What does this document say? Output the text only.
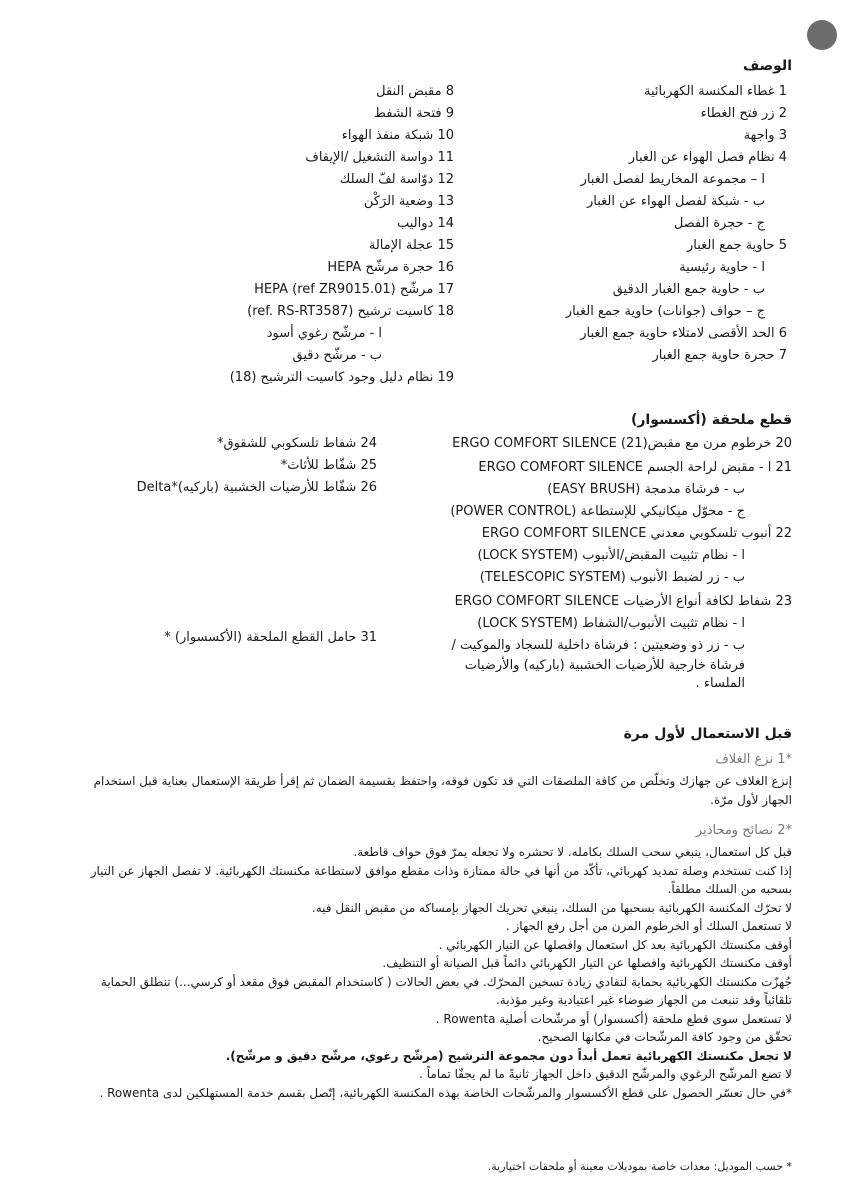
الوصف
1 غطاء المكنسة الكهربائية
2 زر فتح الغطاء
3 واجهة
4 نظام فصل الهواء عن الغبار
ا – مجموعة المخاريط لفصل الغبار
ب - شبكة لفصل الهواء عن الغبار
ج - حجرة الفصل
5 حاوية جمع الغبار
ا - حاوية رئيسية
ب - حاوية جمع الغبار الدقيق
ج – حواف (جوانات) حاوية جمع الغبار
6 الحد الأقصى لامتلاء حاوية جمع الغبار
7 حجرة حاوية جمع الغبار
8 مقبض النقل
9 فتحة الشفط
10 شبكة منفذ الهواء
11 دواسة التشغيل /الإيقاف
12 دوّاسة لفّ السلك
13 وضعية الرَكْن
14 دواليب
15 عجلة الإمالة
16 حجرة مرشّح HEPA
17 مرشّح HEPA (ref ZR9015.01)
18 كاسيت ترشيح (ref. RS-RT3587)
ا - مرشّح رغوي أسود
ب - مرشّح دقيق
19 نظام دليل وجود كاسيت الترشيح (18)
قطع ملحقة (أكسسوار)
20 خرطوم مرن مع مقبض(21) ERGO COMFORT SILENCE
21 ا - مقبض لراحة الجسم ERGO COMFORT SILENCE
ب - فرشاة مدمجة (EASY BRUSH)
ج - محوّل ميكانيكي للإستطاعة (POWER CONTROL)
22 أنبوب تلسكوبي معدني ERGO COMFORT SILENCE
ا - نظام تثبيت المقبض/الأنبوب (LOCK SYSTEM)
ب - زر لضبط الأنبوب (TELESCOPIC SYSTEM)
23 شفاط لكافة أنواع الأرضيات ERGO COMFORT SILENCE
ا - نظام تثبيت الأنبوب/الشفاط (LOCK SYSTEM)
ب - زر ذو وضعيتين : فرشاة داخلية للسجاد والموكيت /
فرشاة خارجية للأرضيات الخشبية (باركيه) والأرضيات
الملساء .
24 شفاط تلسكوبي للشقوق*
25 شفّاط للأثاث*
26 شفّاط للأرضيات الخشبية (باركيه)*Delta
31 حامل القطع الملحقة (الأكسسوار) *
قبل الاستعمال لأول مرة
*1 نزع الغلاف

إنزع الغلاف عن جهازك وتخلّص من كافة الملصقات التي قد تكون فوقه، واحتفظ بقسيمة الضمان ثم إقرأ طريقة الإستعمال بعناية قبل استخدام

الجهاز لأول مرّة.

*2 نصائح ومحاذير

قبل كل استعمال، ينبغي سحب السلك بكامله. لا تحشره ولا تجعله يمرّ فوق حواف قاطعة.

إذا كنت تستخدم وصلة تمديد كهربائي، تأكّد من أنها في حالة ممتازة وذات مقطع موافق لاستطاعة مكنستك الكهربائية. لا تفصل الجهاز عن التيار

بسحبه من السلك مطلقاً.

لا تحرّك المكنسة الكهربائية بسحبها من السلك، ينبغي تحريك الجهاز بإمساكه من مقبض النقل فيه.

لا تستعمل السلك أو الخرطوم المرن من أجل رفع الجهاز .

أوقف مكنستك الكهربائية بعد كل استعمال وافصلها عن التيار الكهربائي .

أوقف مكنستك الكهربائية وافصلها عن التيار الكهربائي دائماً قبل الصيانة أو التنظيف.

جُهزّت مكنستك الكهربائية بحماية لتفادي زيادة تسخين المحرّك. في بعض الحالات ( كاستخدام المقبض فوق مقعد أو كرسي...) تنطلق الحماية

تلقائياً وقد تنبعث من الجهاز ضوضاء غير اعتيادية وغير مؤذية.

لا تستعمل سوى قطع ملحقة (أكسسوار) أو مرشّحات أصلية Rowenta .

تحقّق من وجود كافة المرشّحات في مكانها الصحيح.

لا تجعل مكنستك الكهربائية تعمل أبداً دون مجموعة الترشيح (مرشّح رغوي، مرشّح دقيق و مرشّح).

لا تضع المرشّح الرغوي والمرشّح الدقيق داخل الجهاز ثانيةً ما لم يجفّا تماماً .

*في حال تعسّر الحصول على قطع الأكسسوار والمرشّحات الخاصة بهذه المكنسة الكهربائية، إتّصل بقسم خدمة المستهلكين لدى Rowenta .

* حسب الموديل: معدات خاصة بموديلات معينة أو ملحقات اختيارية.
